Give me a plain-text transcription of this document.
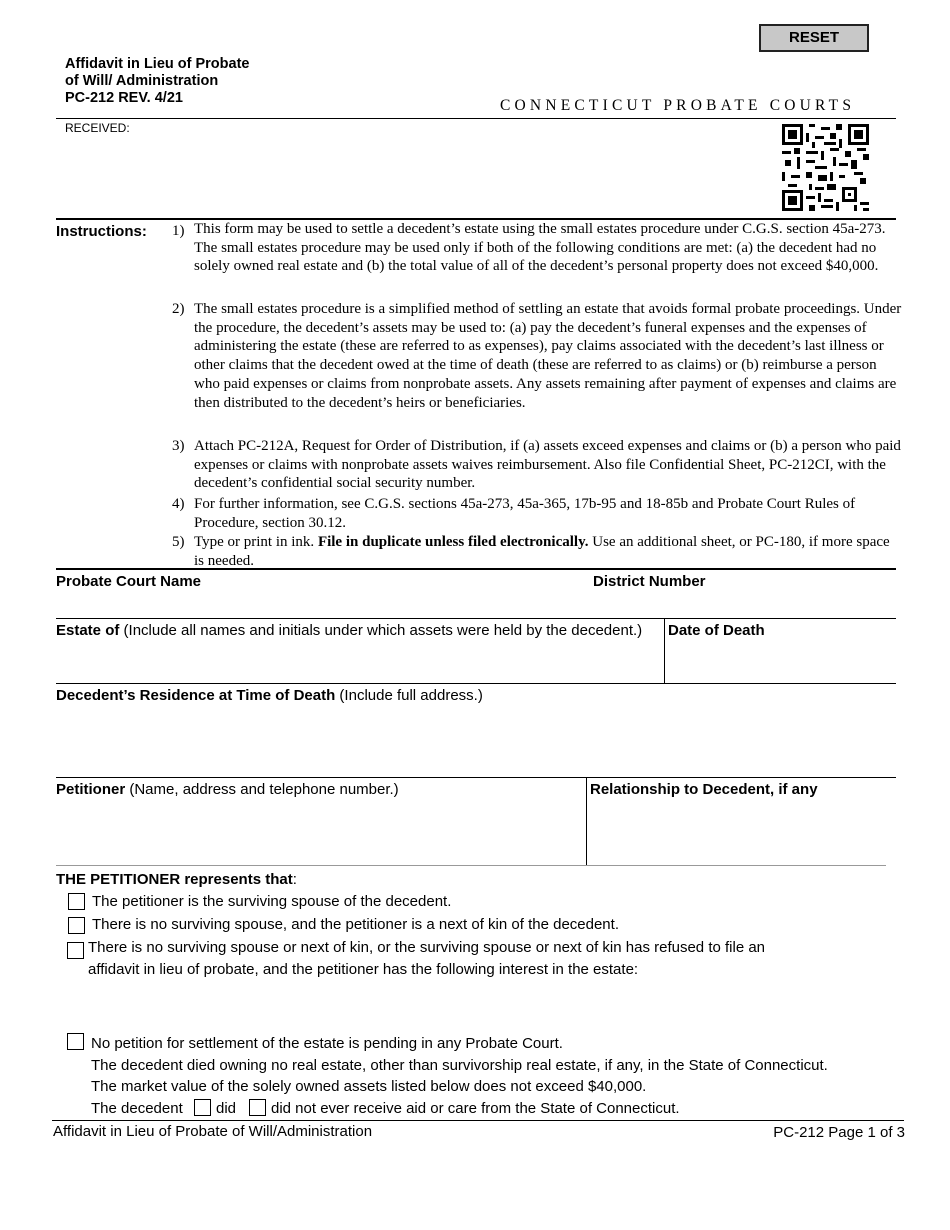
RESET
Affidavit in Lieu of Probate
of Will/ Administration
PC-212 REV. 4/21	CONNECTICUT PROBATE COURTS
RECEIVED:
Instructions: 1) This form may be used to settle a decedent’s estate using the small estates procedure under C.G.S. section 45a-273. The small estates procedure may be used only if both of the following conditions are met: (a) the decedent had no solely owned real estate and (b) the total value of all of the decedent’s personal property does not exceed $40,000.
2) The small estates procedure is a simplified method of settling an estate that avoids formal probate proceedings. Under the procedure, the decedent’s assets may be used to: (a) pay the decedent’s funeral expenses and the expenses of administering the estate (these are referred to as expenses), pay claims associated with the decedent’s last illness or other claims that the decedent owed at the time of death (these are referred to as claims) or (b) reimburse a person who paid expenses or claims from nonprobate assets. Any assets remaining after payment of expenses and claims are then distributed to the decedent’s heirs or beneficiaries.
3) Attach PC-212A, Request for Order of Distribution, if (a) assets exceed expenses and claims or (b) a person who paid expenses or claims with nonprobate assets waives reimbursement. Also file Confidential Sheet, PC-212CI, with the decedent’s confidential social security number.
4) For further information, see C.G.S. sections 45a-273, 45a-365, 17b-95 and 18-85b and Probate Court Rules of Procedure, section 30.12.
5) Type or print in ink. File in duplicate unless filed electronically. Use an additional sheet, or PC-180, if more space is needed.
Probate Court Name	District Number
Estate of (Include all names and initials under which assets were held by the decedent.) Date of Death
Decedent’s Residence at Time of Death (Include full address.)
Petitioner (Name, address and telephone number.)	Relationship to Decedent, if any
THE PETITIONER represents that:
The petitioner is the surviving spouse of the decedent.
There is no surviving spouse, and the petitioner is a next of kin of the decedent.
There is no surviving spouse or next of kin, or the surviving spouse or next of kin has refused to file an
affidavit in lieu of probate, and the petitioner has the following interest in the estate:
No petition for settlement of the estate is pending in any Probate Court.
The decedent died owning no real estate, other than survivorship real estate, if any, in the State of Connecticut.
The market value of the solely owned assets listed below does not exceed $40,000.
The decedent did did not ever receive aid or care from the State of Connecticut.
Affidavit in Lieu of Probate of Will/Administration	PC-212 Page 1 of 3
